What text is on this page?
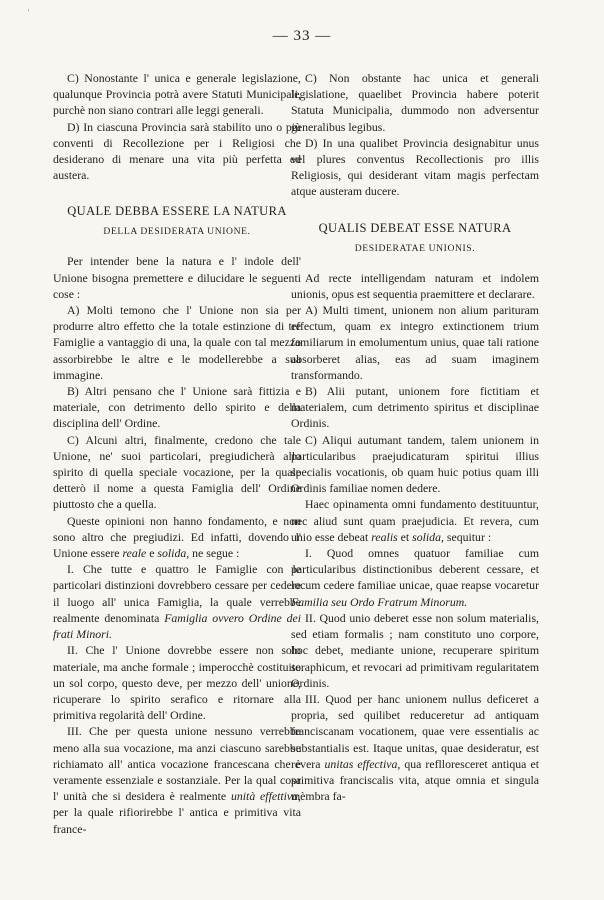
'
— 33 —

C) Nonostante l' unica e generale legislazione, qualunque Provincia potrà avere Statuti Municipali, purchè non siano contrari alle leggi generali.

D) In ciascuna Provincia sarà stabilito uno o più conventi di Recollezione per i Religiosi che desiderano di menare una vita più perfetta ed austera.

QUALE DEBBA ESSERE LA NATURA
DELLA DESIDERATA UNIONE.

Per intender bene la natura e l' indole dell' Unione bisogna premettere e dilucidare le seguenti cose :

A) Molti temono che l' Unione non sia per produrre altro effetto che la totale estinzione di tre Famiglie a vantaggio di una, la quale con tal mezzo assorbirebbe le altre e le modellerebbe a sua immagine.

B) Altri pensano che l' Unione sarà fittizia e materiale, con detrimento dello spirito e della disciplina dell' Ordine.

C) Alcuni altri, finalmente, credono che tale Unione, ne' suoi particolari, pregiudicherà allo spirito di quella speciale vocazione, per la quale detterò il nome a questa Famiglia dell' Ordine piuttosto che a quella.

Queste opinioni non hanno fondamento, e non sono altro che pregiudizi. Ed infatti, dovendo l' Unione essere reale e solida, ne segue :

I. Che tutte e quattro le Famiglie con le particolari distinzioni dovrebbero cessare per cedere il luogo all' unica Famiglia, la quale verrebbe realmente denominata Famiglia ovvero Ordine dei frati Minori.

II. Che l' Unione dovrebbe essere non solo materiale, ma anche formale ; imperocchè costituito un sol corpo, questo deve, per mezzo dell' unione, ricuperare lo spirito serafico e ritornare alla primitiva regolarità dell' Ordine.

III. Che per questa unione nessuno verrebbe meno alla sua vocazione, ma anzi ciascuno sarebbe richiamato all' antica vocazione francescana che è veramente essenziale e sostanziale. Per la qual cosa l' unità che si desidera è realmente unità effettiva, per la quale rifiorirebbe l' antica e primitiva vita france-

C) Non obstante hac unica et generali legislatione, quaelibet Provincia habere poterit Statuta Municipalia, dummodo non adversentur generalibus legibus.

D) In una qualibet Provincia designabitur unus vel plures conventus Recollectionis pro illis Religiosis, qui desiderant vitam magis perfectam atque austeram ducere.

QUALIS DEBEAT ESSE NATURA
DESIDERATAE UNIONIS.

Ad recte intelligendam naturam et indolem unionis, opus est sequentia praemittere et declarare.

A) Multi timent, unionem non alium parituram effectum, quam ex integro extinctionem trium familiarum in emolumentum unius, quae tali ratione absorberet alias, eas ad suam imaginem transformando.

B) Alii putant, unionem fore fictitiam et materialem, cum detrimento spiritus et disciplinae Ordinis.

C) Aliqui autumant tandem, talem unionem in particularibus praejudicaturam spiritui illius specialis vocationis, ob quam huic potius quam illi Ordinis familiae nomen dedere.

Haec opinamenta omni fundamento destituuntur, nec aliud sunt quam praejudicia. Et revera, cum unio esse debeat realis et solida, sequitur :

I. Quod omnes quatuor familiae cum particularibus distinctionibus deberent cessare, et locum cedere familiae unicae, quae reapse vocaretur Familia seu Ordo Fratrum Minorum.

II. Quod unio deberet esse non solum materialis, sed etiam formalis ; nam constituto uno corpore, hoc debet, mediante unione, recuperare spiritum seraphicum, et revocari ad primitivam regularitatem Ordinis.

III. Quod per hanc unionem nullus deficeret a propria, sed quilibet reduceretur ad antiquam franciscanam vocationem, quae vere essentialis ac substantialis est. Itaque unitas, quae desideratur, est revera unitas effectiva, qua reflloresceret antiqua et primitiva franciscalis vita, atque omnia et singula mèmbra fa-
